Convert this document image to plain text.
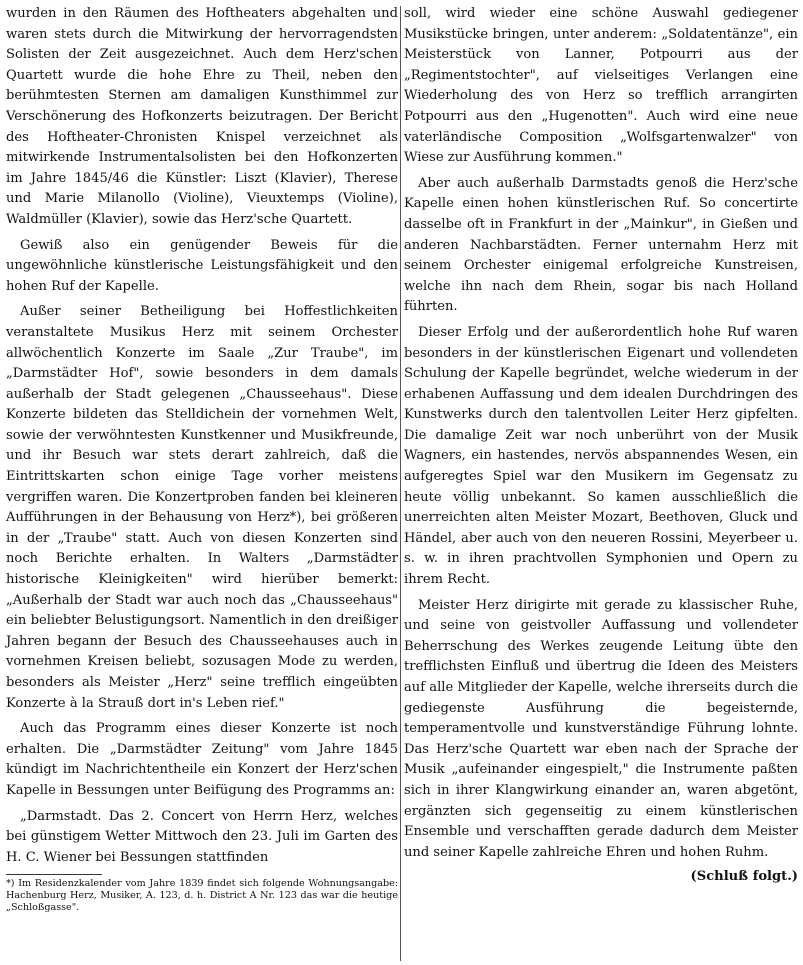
wurden in den Räumen des Hoftheaters abgehalten und waren stets durch die Mitwirkung der hervorragendsten Solisten der Zeit ausgezeichnet. Auch dem Herz'schen Quartett wurde die hohe Ehre zu Theil, neben den berühmtesten Sternen am damaligen Kunsthimmel zur Verschönerung des Hofkonzerts beizutragen. Der Bericht des Hoftheater-Chronisten Knispel verzeichnet als mitwirkende Instrumentalsolisten bei den Hofkonzerten im Jahre 1845/46 die Künstler: Liszt (Klavier), Therese und Marie Milanollo (Violine), Vieuxtemps (Violine), Waldmüller (Klavier), sowie das Herz'sche Quartett.

Gewiß also ein genügender Beweis für die ungewöhnliche künstlerische Leistungsfähigkeit und den hohen Ruf der Kapelle.

Außer seiner Betheiligung bei Hoffestlichkeiten veranstaltete Musikus Herz mit seinem Orchester allwöchentlich Konzerte im Saale „Zur Traube", im „Darmstädter Hof", sowie besonders in dem damals außerhalb der Stadt gelegenen „Chausseehaus". Diese Konzerte bildeten das Stelldichein der vornehmen Welt, sowie der verwöhntesten Kunstkenner und Musikfreunde, und ihr Besuch war stets derart zahlreich, daß die Eintrittskarten schon einige Tage vorher meistens vergriffen waren. Die Konzertproben fanden bei kleineren Aufführungen in der Behausung von Herz*), bei größeren in der „Traube" statt. Auch von diesen Konzerten sind noch Berichte erhalten. In Walters „Darmstädter historische Kleinigkeiten" wird hierüber bemerkt: „Außerhalb der Stadt war auch noch das „Chausseehaus" ein beliebter Belustigungsort. Namentlich in den dreißiger Jahren begann der Besuch des Chausseehauses auch in vornehmen Kreisen beliebt, sozusagen Mode zu werden, besonders als Meister „Herz" seine trefflich eingeübten Konzerte à la Strauß dort in's Leben rief."

Auch das Programm eines dieser Konzerte ist noch erhalten. Die „Darmstädter Zeitung" vom Jahre 1845 kündigt im Nachrichtentheile ein Konzert der Herz'schen Kapelle in Bessungen unter Beifügung des Programms an:

„Darmstadt. Das 2. Concert von Herrn Herz, welches bei günstigem Wetter Mittwoch den 23. Juli im Garten des H. C. Wiener bei Bessungen stattfinden

*) Im Residenzkalender vom Jahre 1839 findet sich folgende Wohnungsangabe: Hachenburg Herz, Musiker, A. 123, d. h. District A Nr. 123 das war die heutige „Schloßgasse".

soll, wird wieder eine schöne Auswahl gediegener Musikstücke bringen, unter anderem: „Soldatentänze", ein Meisterstück von Lanner, Potpourri aus der „Regimentstochter", auf vielseitiges Verlangen eine Wiederholung des von Herz so trefflich arrangirten Potpourri aus den „Hugenotten". Auch wird eine neue vaterländische Composition „Wolfsgartenwalzer" von Wiese zur Ausführung kommen."

Aber auch außerhalb Darmstadts genoß die Herz'sche Kapelle einen hohen künstlerischen Ruf. So concertirte dasselbe oft in Frankfurt in der „Mainkur", in Gießen und anderen Nachbarstädten. Ferner unternahm Herz mit seinem Orchester einigemal erfolgreiche Kunstreisen, welche ihn nach dem Rhein, sogar bis nach Holland führten.

Dieser Erfolg und der außerordentlich hohe Ruf waren besonders in der künstlerischen Eigenart und vollendeten Schulung der Kapelle begründet, welche wiederum in der erhabenen Auffassung und dem idealen Durchdringen des Kunstwerks durch den talentvollen Leiter Herz gipfelten. Die damalige Zeit war noch unberührt von der Musik Wagners, ein hastendes, nervös abspannendes Wesen, ein aufgeregtes Spiel war den Musikern im Gegensatz zu heute völlig unbekannt. So kamen ausschließlich die unerreichten alten Meister Mozart, Beethoven, Gluck und Händel, aber auch von den neueren Rossini, Meyerbeer u. s. w. in ihren prachtvollen Symphonien und Opern zu ihrem Recht.

Meister Herz dirigirte mit gerade zu klassischer Ruhe, und seine von geistvoller Auffassung und vollendeter Beherrschung des Werkes zeugende Leitung übte den trefflichsten Einfluß und übertrug die Ideen des Meisters auf alle Mitglieder der Kapelle, welche ihrerseits durch die gediegenste Ausführung die begeisternde, temperamentvolle und kunstverständige Führung lohnte. Das Herz'sche Quartett war eben nach der Sprache der Musik „aufeinander eingespielt," die Instrumente paßten sich in ihrer Klangwirkung einander an, waren abgetönt, ergänzten sich gegenseitig zu einem künstlerischen Ensemble und verschafften gerade dadurch dem Meister und seiner Kapelle zahlreiche Ehren und hohen Ruhm.

(Schluß folgt.)
